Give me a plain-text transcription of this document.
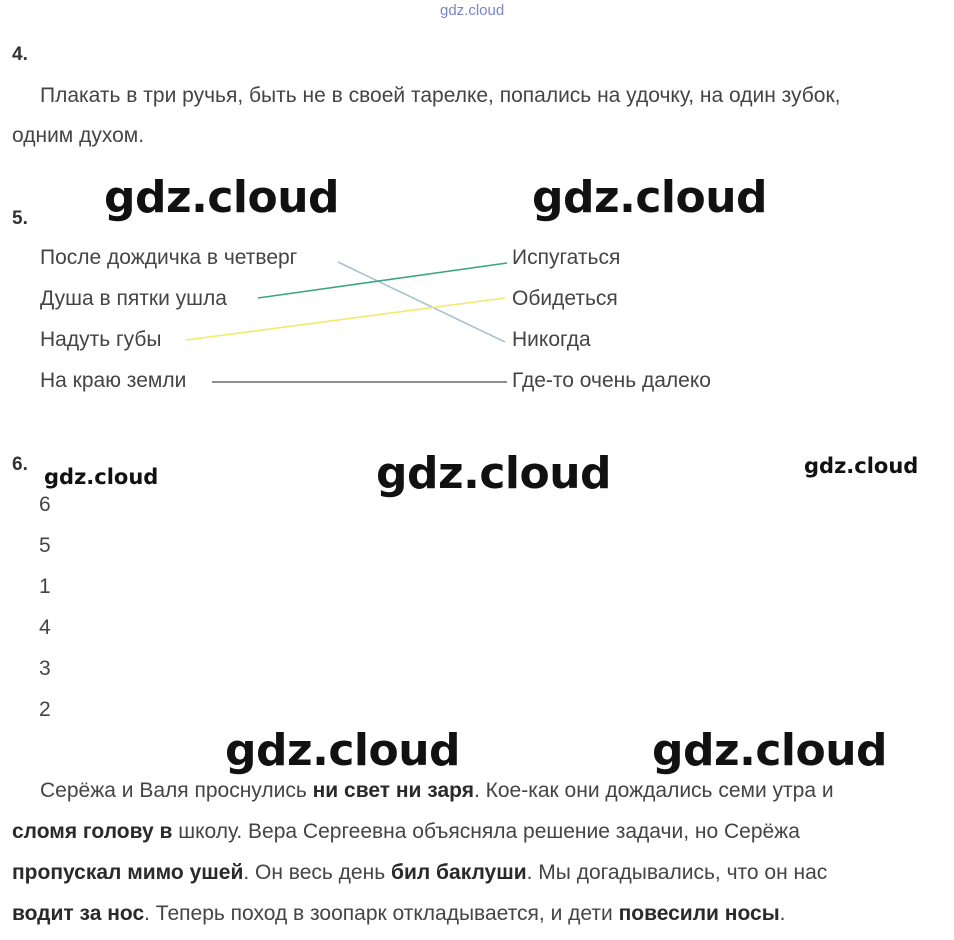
gdz.cloud
4.
Плакать в три ручья, быть не в своей тарелке, попались на удочку, на один зубок,
одним духом.
5.
После дождичка в четверг
Душа в пятки ушла
Надуть губы
На краю земли
Испугаться
Обидеться
Никогда
Где-то очень далеко
6.
6
5
1
4
3
2
Серёжа и Валя проснулись ни свет ни заря. Кое-как они дождались семи утра и
сломя голову в школу. Вера Сергеевна объясняла решение задачи, но Серёжа
пропускал мимо ушей. Он весь день бил баклуши. Мы догадывались, что он нас
водит за нос. Теперь поход в зоопарк откладывается, и дети повесили носы.
gdz.cloud	gdz.cloud
gdz.cloud
gdz.cloud	gdz.cloud
gdz.cloud	gdz.cloud
